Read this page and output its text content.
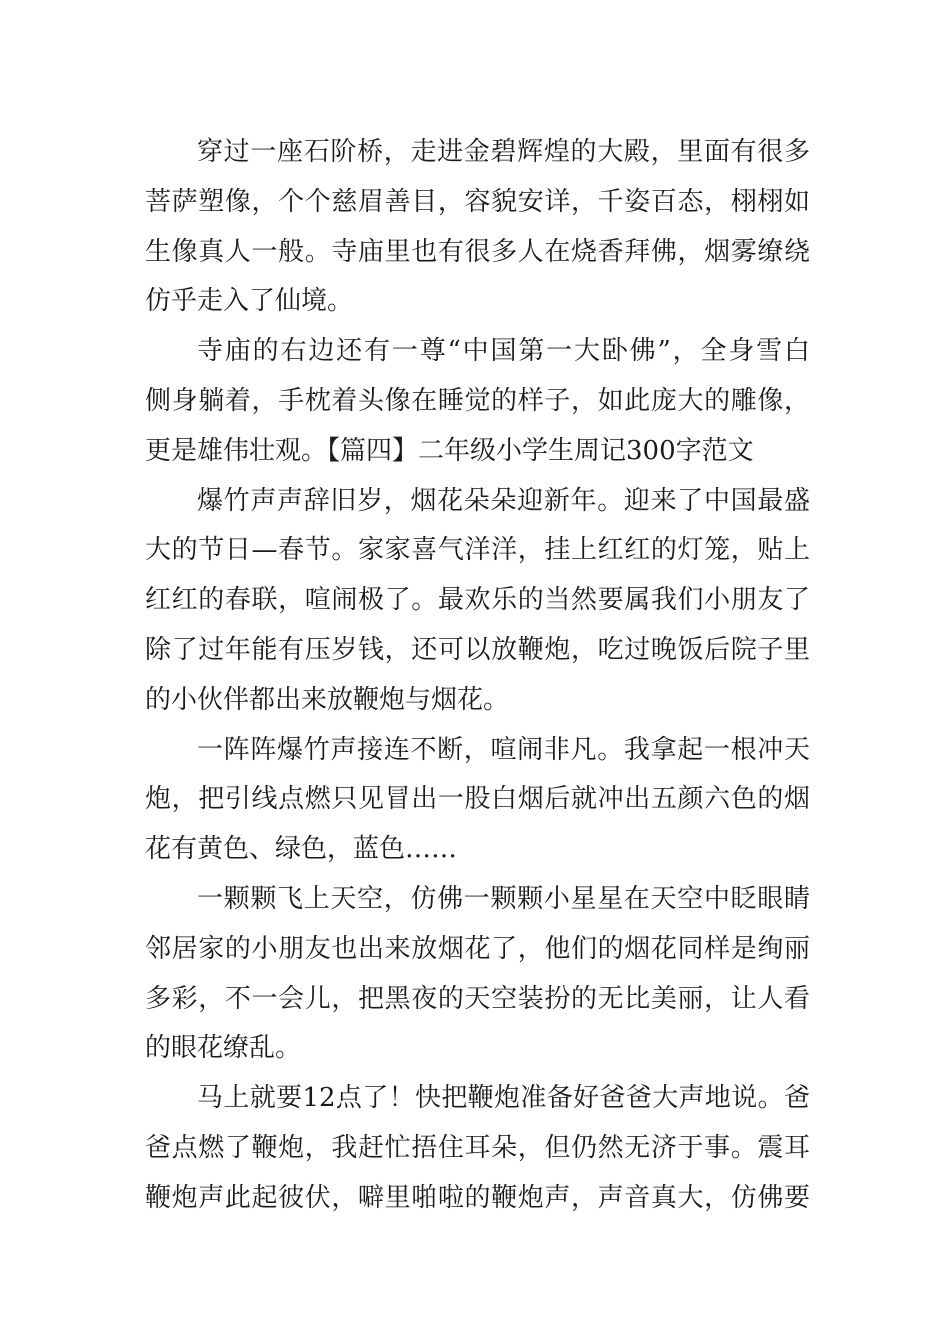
穿过一座石阶桥，走进金碧辉煌的大殿，里面有很多
菩萨塑像，个个慈眉善目，容貌安详，千姿百态，栩栩如
生像真人一般。寺庙里也有很多人在烧香拜佛，烟雾缭绕
仿乎走入了仙境。
寺庙的右边还有一尊“中国第一大卧佛”，全身雪白
侧身躺着，手枕着头像在睡觉的样子，如此庞大的雕像，
更是雄伟壮观。【篇四】二年级小学生周记300字范文
爆竹声声辞旧岁，烟花朵朵迎新年。迎来了中国最盛
大的节日—春节。家家喜气洋洋，挂上红红的灯笼，贴上
红红的春联，喧闹极了。最欢乐的当然要属我们小朋友了
除了过年能有压岁钱，还可以放鞭炮，吃过晚饭后院子里
的小伙伴都出来放鞭炮与烟花。
一阵阵爆竹声接连不断，喧闹非凡。我拿起一根冲天
炮，把引线点燃只见冒出一股白烟后就冲出五颜六色的烟
花有黄色、绿色，蓝色……
一颗颗飞上天空，仿佛一颗颗小星星在天空中眨眼睛
邻居家的小朋友也出来放烟花了，他们的烟花同样是绚丽
多彩，不一会儿，把黑夜的天空装扮的无比美丽，让人看
的眼花缭乱。
马上就要12点了！快把鞭炮准备好爸爸大声地说。爸
爸点燃了鞭炮，我赶忙捂住耳朵，但仍然无济于事。震耳
鞭炮声此起彼伏，噼里啪啦的鞭炮声，声音真大，仿佛要
